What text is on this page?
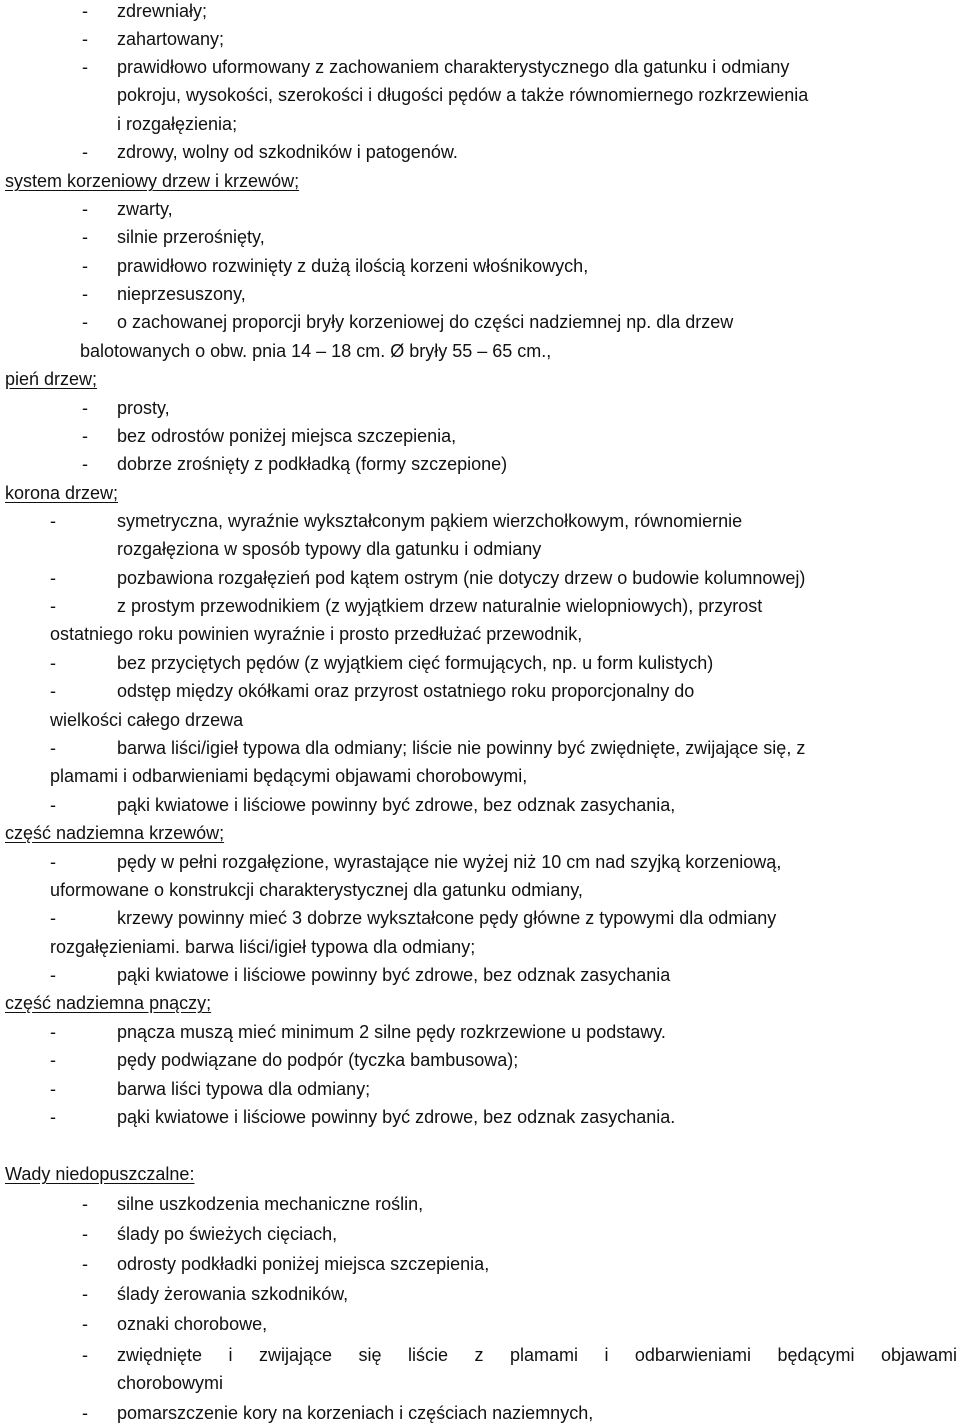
- zdrewniały;
- zahartowany;
- prawidłowo uformowany z zachowaniem charakterystycznego dla gatunku i odmiany
pokroju, wysokości, szerokości i długości pędów a także równomiernego rozkrzewienia
i rozgałęzienia;
- zdrowy, wolny od szkodników i patogenów.
system korzeniowy drzew i krzewów;
- zwarty,
- silnie przerośnięty,
- prawidłowo rozwinięty z dużą ilością korzeni włośnikowych,
- nieprzesuszony,
- o zachowanej proporcji bryły korzeniowej do części nadziemnej np. dla drzew
balotowanych o obw. pnia 14 – 18 cm. Ø bryły 55 – 65 cm.,
pień drzew;
- prosty,
- bez odrostów poniżej miejsca szczepienia,
- dobrze zrośnięty z podkładką (formy szczepione)
korona drzew;
-	symetryczna, wyraźnie wykształconym pąkiem wierzchołkowym, równomiernie
rozgałęziona w sposób typowy dla gatunku i odmiany
-	pozbawiona rozgałęzień pod kątem ostrym (nie dotyczy drzew o budowie kolumnowej)
-	z prostym przewodnikiem (z wyjątkiem drzew naturalnie wielopniowych), przyrost
ostatniego roku powinien wyraźnie i prosto przedłużać przewodnik,
-	bez przyciętych pędów (z wyjątkiem cięć formujących, np. u form kulistych)
-	odstęp między okółkami oraz przyrost ostatniego roku proporcjonalny do
wielkości całego drzewa
-	barwa liści/igieł typowa dla odmiany; liście nie powinny być zwiędnięte, zwijające się, z
plamami i odbarwieniami będącymi objawami chorobowymi,
-	pąki kwiatowe i liściowe powinny być zdrowe, bez odznak zasychania,
część nadziemna krzewów;
-	pędy w pełni rozgałęzione, wyrastające nie wyżej niż 10 cm nad szyjką korzeniową,
uformowane o konstrukcji charakterystycznej dla gatunku odmiany,
-	krzewy powinny mieć 3 dobrze wykształcone pędy główne z typowymi dla odmiany
rozgałęzieniami. barwa liści/igieł typowa dla odmiany;
-	pąki kwiatowe i liściowe powinny być zdrowe, bez odznak zasychania
część nadziemna pnączy;
-	pnącza muszą mieć minimum 2 silne pędy rozkrzewione u podstawy.
-	pędy podwiązane do podpór (tyczka bambusowa);
-	barwa liści typowa dla odmiany;
-	pąki kwiatowe i liściowe powinny być zdrowe, bez odznak zasychania.
Wady niedopuszczalne:
- silne uszkodzenia mechaniczne roślin,
- ślady po świeżych cięciach,
- odrosty podkładki poniżej miejsca szczepienia,
- ślady żerowania szkodników,
- oznaki chorobowe,
- zwiędnięte i zwijające się liście z plamami i odbarwieniami będącymi objawami
chorobowymi
- pomarszczenie kory na korzeniach i częściach naziemnych,
